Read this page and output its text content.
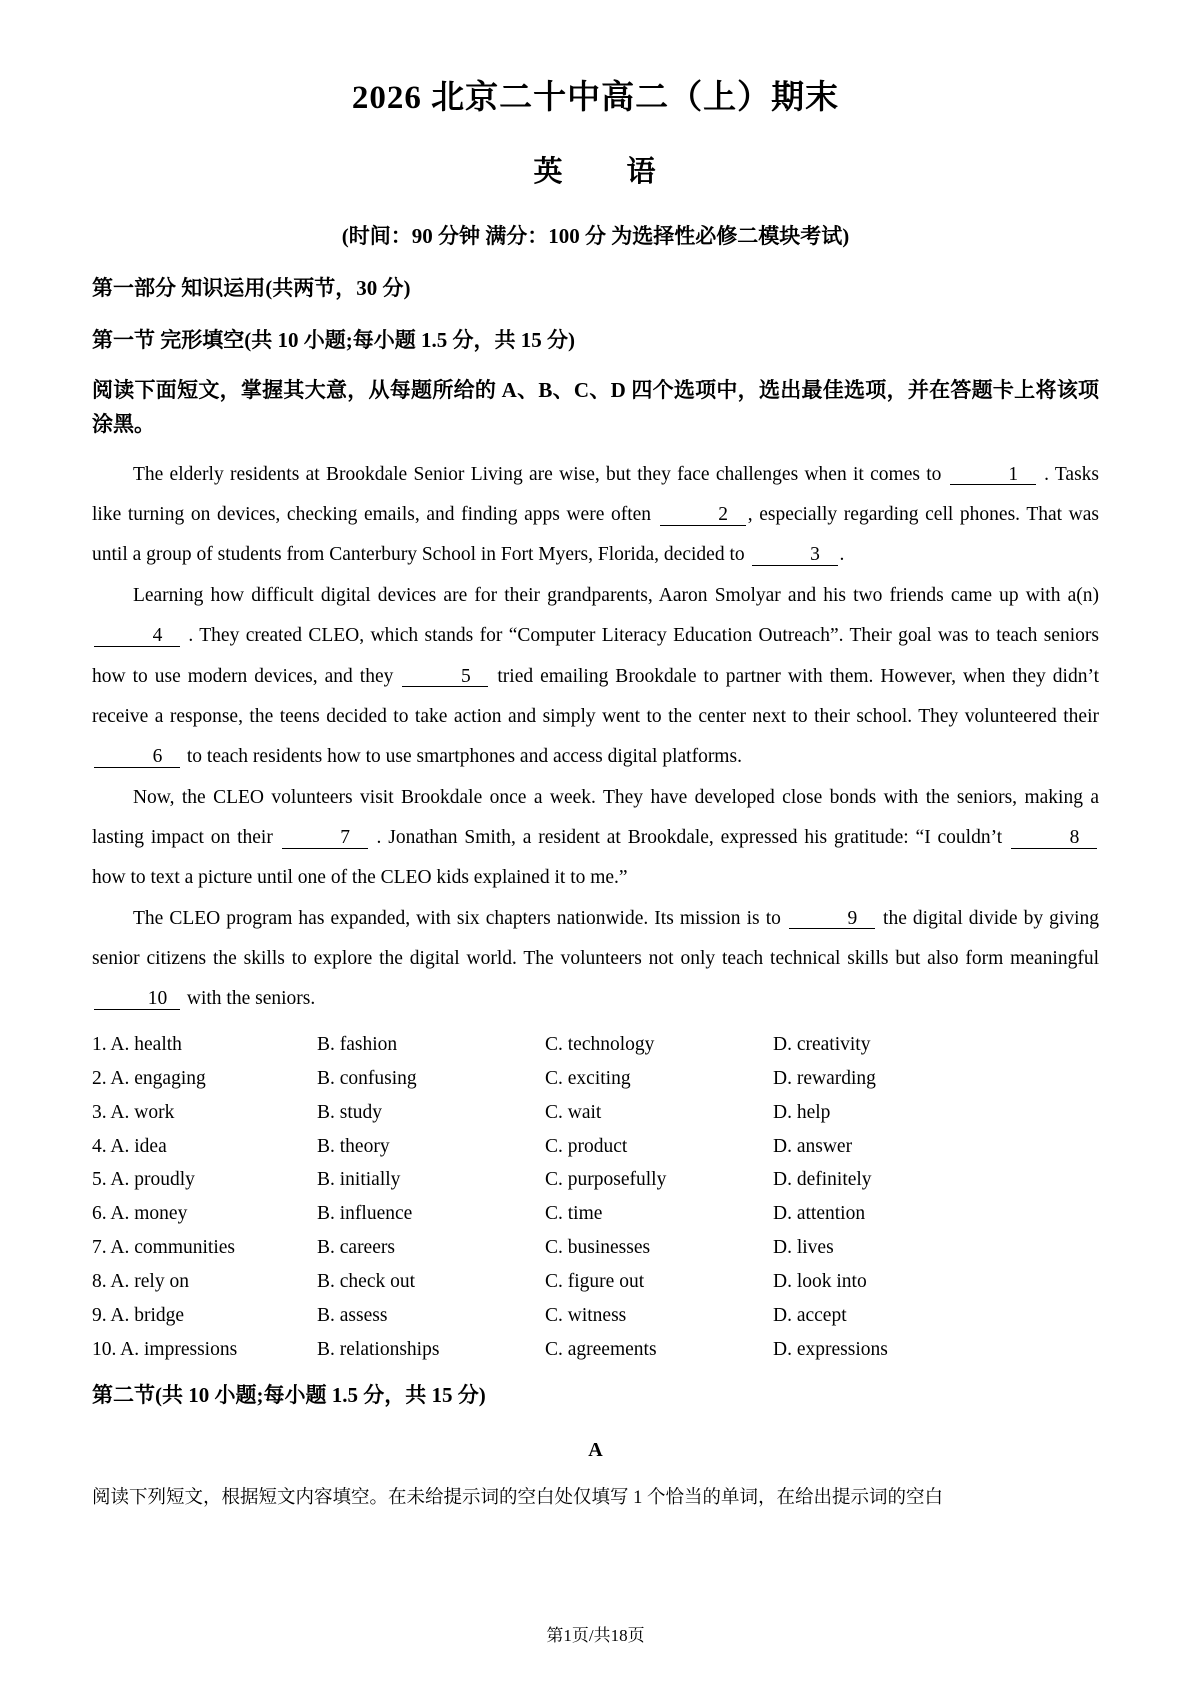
2026 北京二十中高二（上）期末
英　　语

(时间：90 分钟 满分：100 分 为选择性必修二模块考试)

第一部分 知识运用(共两节，30 分)

第一节 完形填空(共 10 小题;每小题 1.5 分，共 15 分)

阅读下面短文，掌握其大意，从每题所给的 A、B、C、D 四个选项中，选出最佳选项，并在答题卡上将该项涂黑。

The elderly residents at Brookdale Senior Living are wise, but they face challenges when it comes to	1 . Tasks like turning on devices, checking emails, and finding apps were often	2 , especially regarding cell phones. That was until a group of students from Canterbury School in Fort Myers, Florida, decided to	3 .

Learning how difficult digital devices are for their grandparents, Aaron Smolyar and his two friends came up with a(n) 4 . They created CLEO, which stands for “Computer Literacy Education Outreach”. Their goal was to teach seniors how to use modern devices, and they	5 tried emailing Brookdale to partner with them. However, when they didn’t receive a response, the teens decided to take action and simply went to the center next to their school. They volunteered their 6 to teach residents how to use smartphones and access digital platforms.

Now, the CLEO volunteers visit Brookdale once a week. They have developed close bonds with the seniors, making a lasting impact on their	7 . Jonathan Smith, a resident at Brookdale, expressed his gratitude: “I couldn’t	8 how to text a picture until one of the CLEO kids explained it to me.”

The CLEO program has expanded, with six chapters nationwide. Its mission is to	9 the digital divide by giving senior citizens the skills to explore the digital world. The volunteers not only teach technical skills but also form meaningful 10 with the seniors.

1. A. health	B. fashion	C. technology	D. creativity
2. A. engaging	B. confusing	C. exciting	D. rewarding
3. A. work	B. study	C. wait	D. help
4. A. idea	B. theory	C. product	D. answer
5. A. proudly	B. initially	C. purposefully	D. definitely
6. A. money	B. influence	C. time	D. attention
7. A. communities	B. careers	C. businesses	D. lives
8. A. rely on	B. check out	C. figure out	D. look into
9. A. bridge	B. assess	C. witness	D. accept
10. A. impressions	B. relationships	C. agreements	D. expressions

第二节(共 10 小题;每小题 1.5 分，共 15 分)

A

阅读下列短文，根据短文内容填空。在未给提示词的空白处仅填写 1 个恰当的单词，在给出提示词的空白

第1页/共18页
